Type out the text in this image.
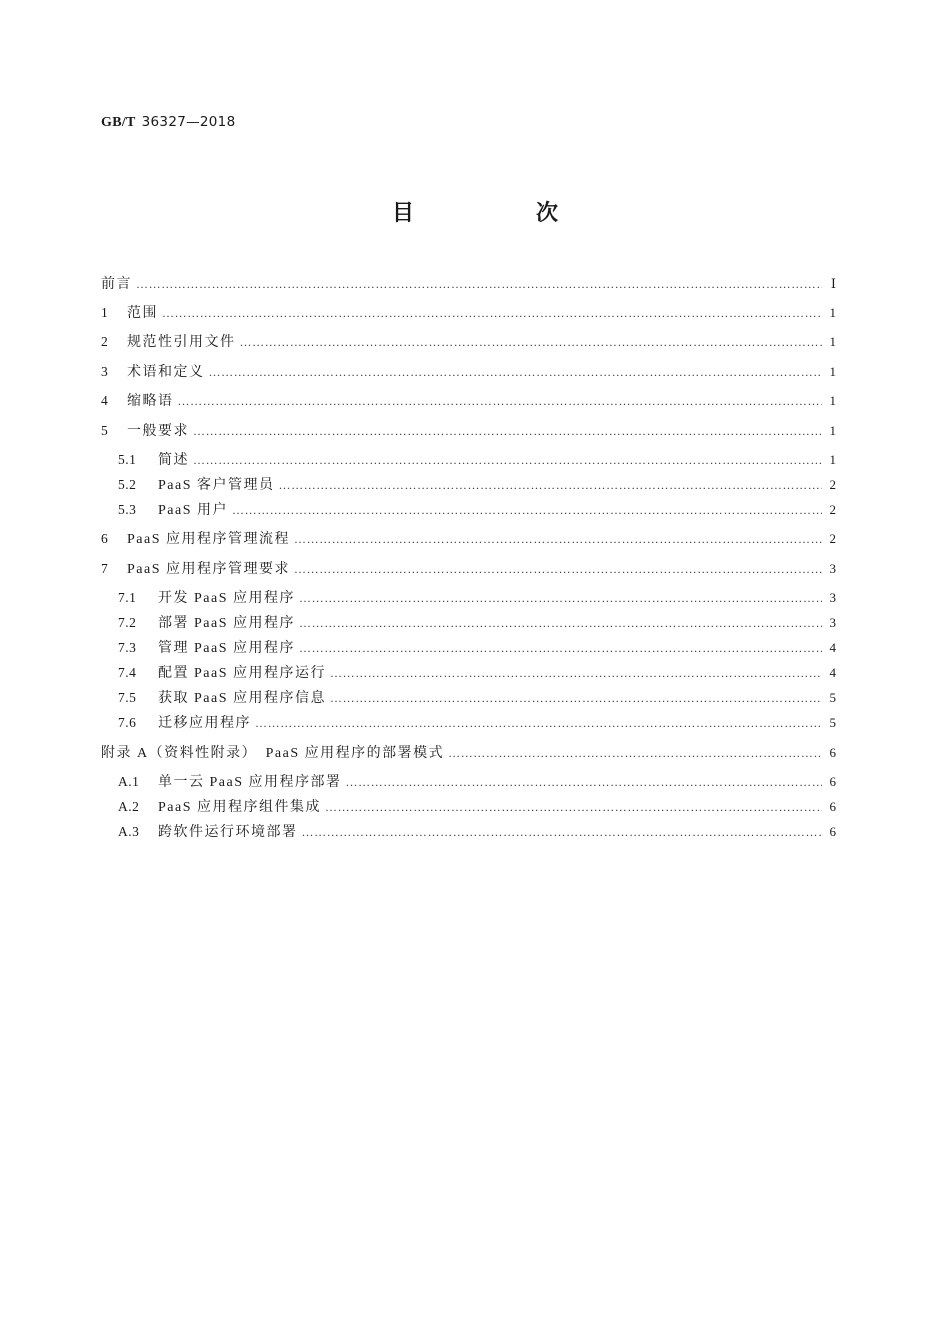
GB/T 36327—2018
目　次
前言 ……………………………………………………………………………………………………………………………………………………………………………………………………………………………………………………	Ⅰ
1	范围 ……………………………………………………………………………………………………………………………………………………………………………………………………………………………………………………	1
2	规范性引用文件 ……………………………………………………………………………………………………………………………………………………………………………………………………………………………………………………	1
3	术语和定义 ……………………………………………………………………………………………………………………………………………………………………………………………………………………………………………………	1
4	缩略语 ……………………………………………………………………………………………………………………………………………………………………………………………………………………………………………………	1
5	一般要求 ……………………………………………………………………………………………………………………………………………………………………………………………………………………………………………………	1
5.1	简述 ……………………………………………………………………………………………………………………………………………………………………………………………………………………………………………………	1
5.2	PaaS 客户管理员 ……………………………………………………………………………………………………………………………………………………………………………………………………………………………………………………	2
5.3	PaaS 用户 ……………………………………………………………………………………………………………………………………………………………………………………………………………………………………………………	2
6	PaaS 应用程序管理流程 ……………………………………………………………………………………………………………………………………………………………………………………………………………………………………………………	2
7	PaaS 应用程序管理要求 ……………………………………………………………………………………………………………………………………………………………………………………………………………………………………………………	3
7.1	开发 PaaS 应用程序 ……………………………………………………………………………………………………………………………………………………………………………………………………………………………………………………	3
7.2	部署 PaaS 应用程序 ……………………………………………………………………………………………………………………………………………………………………………………………………………………………………………………	3
7.3	管理 PaaS 应用程序 ……………………………………………………………………………………………………………………………………………………………………………………………………………………………………………………	4
7.4	配置 PaaS 应用程序运行 ……………………………………………………………………………………………………………………………………………………………………………………………………………………………………………………	4
7.5	获取 PaaS 应用程序信息 ……………………………………………………………………………………………………………………………………………………………………………………………………………………………………………………	5
7.6	迁移应用程序 ……………………………………………………………………………………………………………………………………………………………………………………………………………………………………………………	5
附录 A（资料性附录）　PaaS 应用程序的部署模式 ……………………………………………………………………………………………………………………………………………………………………………………………………………………………………………………	6
A.1	单一云 PaaS 应用程序部署 ……………………………………………………………………………………………………………………………………………………………………………………………………………………………………………………	6
A.2	PaaS 应用程序组件集成 ……………………………………………………………………………………………………………………………………………………………………………………………………………………………………………………	6
A.3	跨软件运行环境部署 ……………………………………………………………………………………………………………………………………………………………………………………………………………………………………………………	6
